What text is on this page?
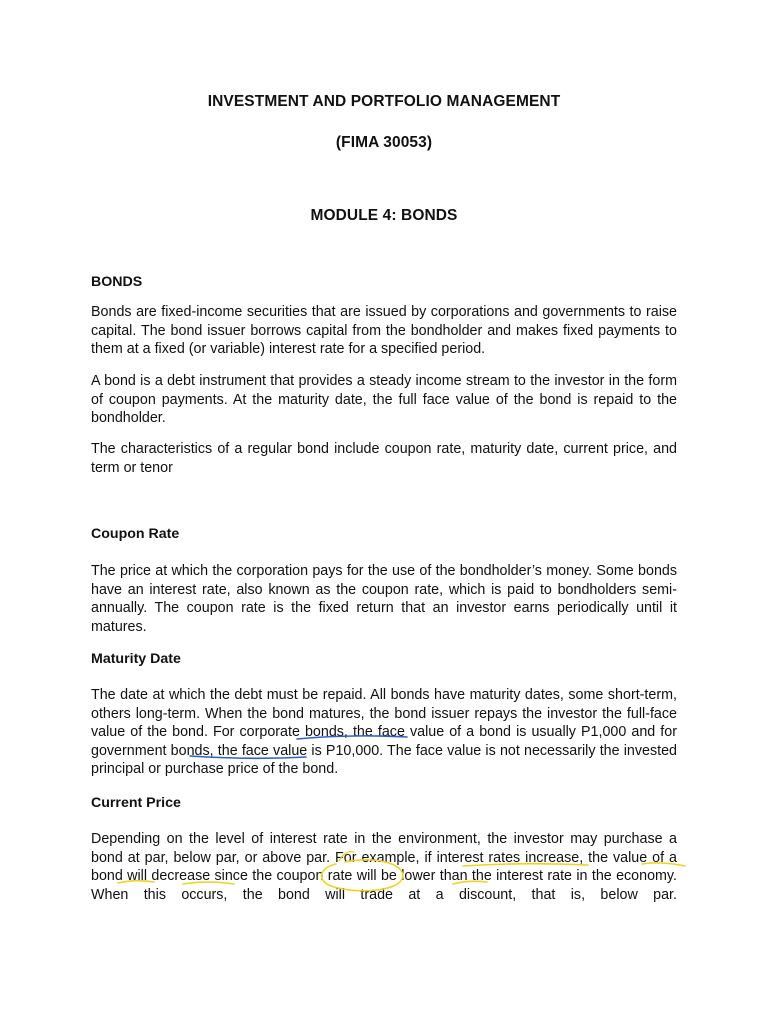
INVESTMENT AND PORTFOLIO MANAGEMENT
(FIMA 30053)
MODULE 4: BONDS
BONDS
Bonds are fixed-income securities that are issued by corporations and governments to raise capital. The bond issuer borrows capital from the bondholder and makes fixed payments to them at a fixed (or variable) interest rate for a specified period.
A bond is a debt instrument that provides a steady income stream to the investor in the form of coupon payments. At the maturity date, the full face value of the bond is repaid to the bondholder.
The characteristics of a regular bond include coupon rate, maturity date, current price, and term or tenor
Coupon Rate
The price at which the corporation pays for the use of the bondholder’s money. Some bonds have an interest rate, also known as the coupon rate, which is paid to bondholders semi-annually. The coupon rate is the fixed return that an investor earns periodically until it matures.
Maturity Date
The date at which the debt must be repaid. All bonds have maturity dates, some short-term, others long-term. When the bond matures, the bond issuer repays the investor the full-face value of the bond. For corporate bonds, the face value of a bond is usually P1,000 and for government bonds, the face value is P10,000. The face value is not necessarily the invested principal or purchase price of the bond.
Current Price
Depending on the level of interest rate in the environment, the investor may purchase a bond at par, below par, or above par. For example, if interest rates increase, the value of a bond will decrease since the coupon rate will be lower than the interest rate in the economy. When this occurs, the bond will trade at a discount, that is, below par.
